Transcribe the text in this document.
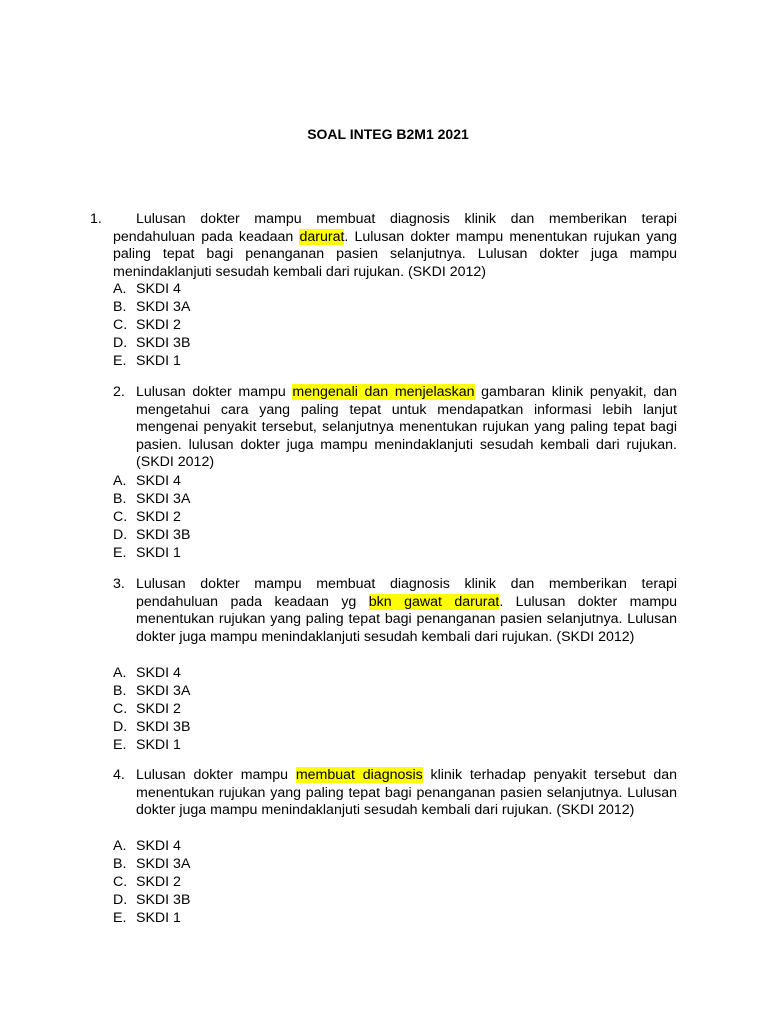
SOAL INTEG B2M1 2021
1.	Lulusan dokter mampu membuat diagnosis klinik dan memberikan terapi pendahuluan pada keadaan darurat. Lulusan dokter mampu menentukan rujukan yang paling tepat bagi penanganan pasien selanjutnya. Lulusan dokter juga mampu menindaklanjuti sesudah kembali dari rujukan. (SKDI 2012)
A. SKDI 4
B. SKDI 3A
C. SKDI 2
D. SKDI 3B
E. SKDI 1
2. Lulusan dokter mampu mengenali dan menjelaskan gambaran klinik penyakit, dan mengetahui cara yang paling tepat untuk mendapatkan informasi lebih lanjut mengenai penyakit tersebut, selanjutnya menentukan rujukan yang paling tepat bagi pasien. lulusan dokter juga mampu menindaklanjuti sesudah kembali dari rujukan. (SKDI 2012)
A. SKDI 4
B. SKDI 3A
C. SKDI 2
D. SKDI 3B
E. SKDI 1
3. Lulusan dokter mampu membuat diagnosis klinik dan memberikan terapi pendahuluan pada keadaan yg bkn gawat darurat. Lulusan dokter mampu menentukan rujukan yang paling tepat bagi penanganan pasien selanjutnya. Lulusan dokter juga mampu menindaklanjuti sesudah kembali dari rujukan. (SKDI 2012)
A. SKDI 4
B. SKDI 3A
C. SKDI 2
D. SKDI 3B
E. SKDI 1
4. Lulusan dokter mampu membuat diagnosis klinik terhadap penyakit tersebut dan menentukan rujukan yang paling tepat bagi penanganan pasien selanjutnya. Lulusan dokter juga mampu menindaklanjuti sesudah kembali dari rujukan. (SKDI 2012)
A. SKDI 4
B. SKDI 3A
C. SKDI 2
D. SKDI 3B
E. SKDI 1
